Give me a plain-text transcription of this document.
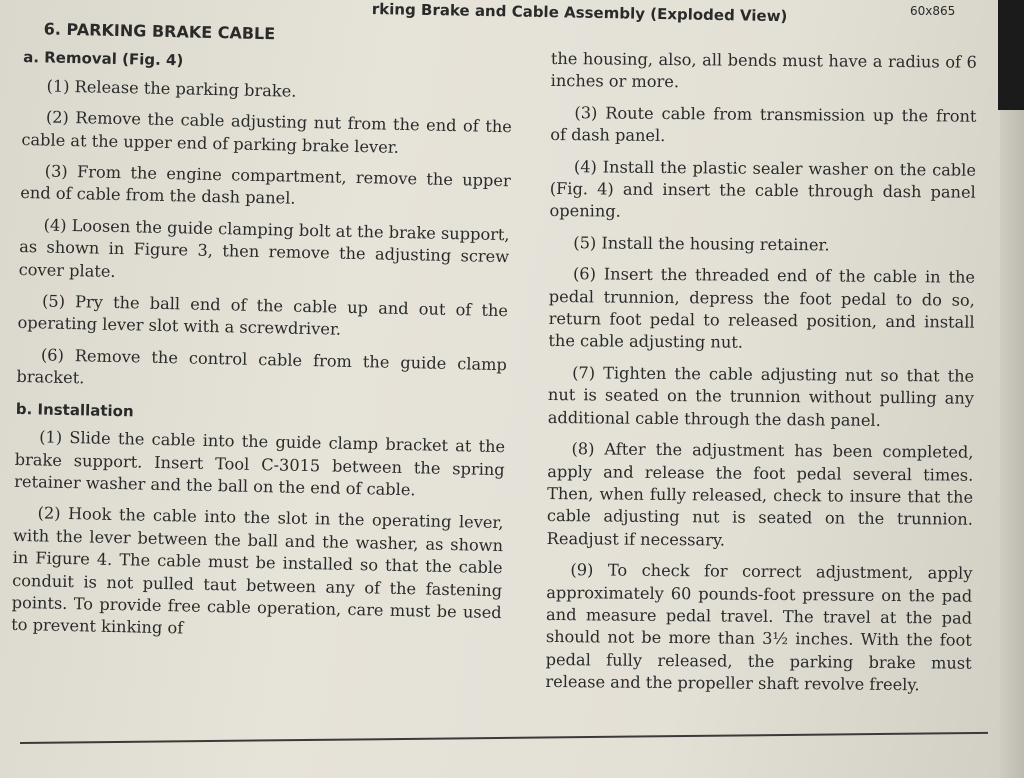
rking Brake and Cable Assembly (Exploded View)	60x865
6. PARKING BRAKE CABLE
a. Removal (Fig. 4)

(1) Release the parking brake.

(2) Remove the cable adjusting nut from the end of the cable at the upper end of parking brake lever.

(3) From the engine compartment, remove the upper end of cable from the dash panel.

(4) Loosen the guide clamping bolt at the brake support, as shown in Figure 3, then remove the adjusting screw cover plate.

(5) Pry the ball end of the cable up and out of the operating lever slot with a screwdriver.

(6) Remove the control cable from the guide clamp bracket.

b. Installation

(1) Slide the cable into the guide clamp bracket at the brake support. Insert Tool C-3015 between the spring retainer washer and the ball on the end of cable.

(2) Hook the cable into the slot in the operating lever, with the lever between the ball and the washer, as shown in Figure 4. The cable must be installed so that the cable conduit is not pulled taut between any of the fastening points. To provide free cable operation, care must be used to prevent kinking of

the housing, also, all bends must have a radius of 6 inches or more.

(3) Route cable from transmission up the front of dash panel.

(4) Install the plastic sealer washer on the cable (Fig. 4) and insert the cable through dash panel opening.

(5) Install the housing retainer.

(6) Insert the threaded end of the cable in the pedal trunnion, depress the foot pedal to do so, return foot pedal to released position, and install the cable adjusting nut.

(7) Tighten the cable adjusting nut so that the nut is seated on the trunnion without pulling any additional cable through the dash panel.

(8) After the adjustment has been completed, apply and release the foot pedal several times. Then, when fully released, check to insure that the cable adjusting nut is seated on the trunnion. Readjust if necessary.

(9) To check for correct adjustment, apply approximately 60 pounds-foot pressure on the pad and measure pedal travel. The travel at the pad should not be more than 3½ inches. With the foot pedal fully released, the parking brake must release and the propeller shaft revolve freely.
